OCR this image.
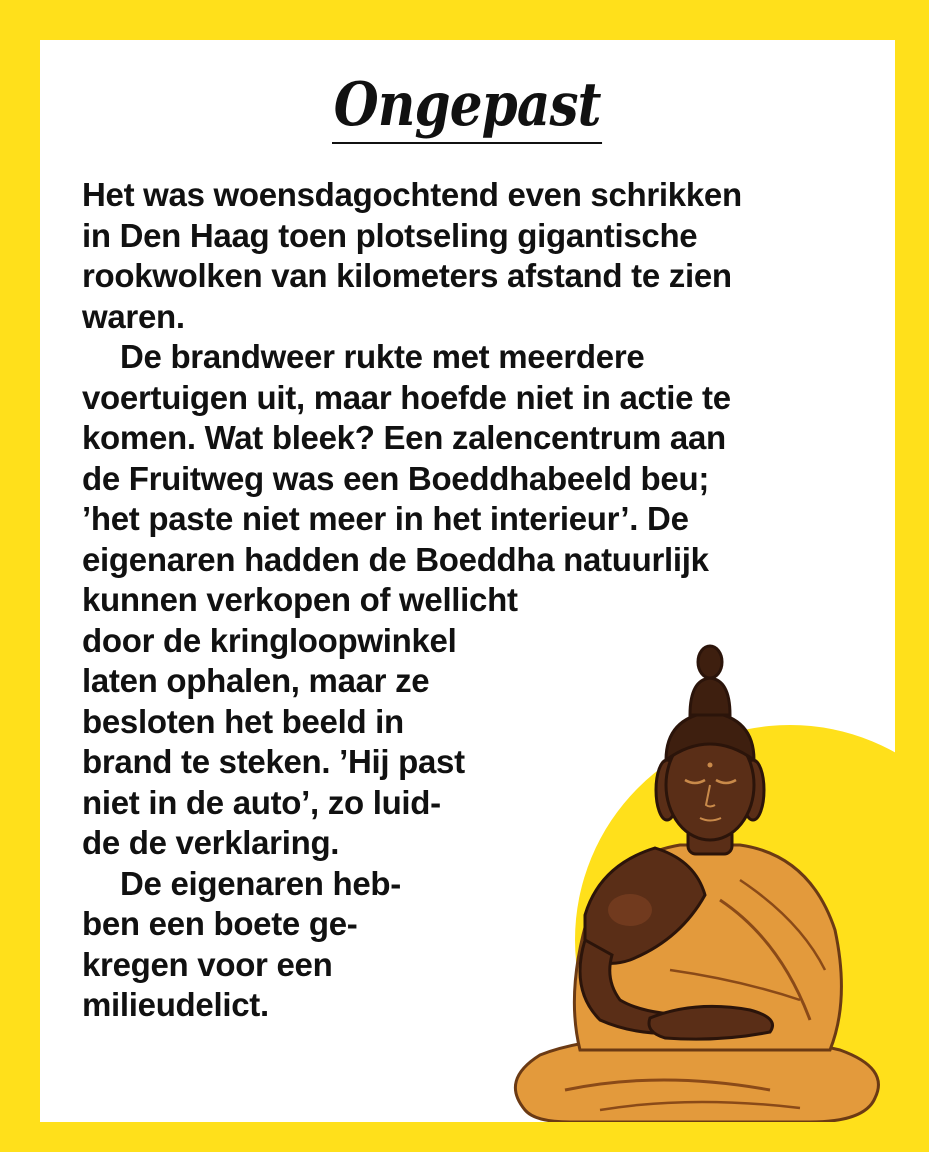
Ongepast
Het was woensdagochtend even schrikken
in Den Haag toen plotseling gigantische
rookwolken van kilometers afstand te zien
waren.
De brandweer rukte met meerdere
voertuigen uit, maar hoefde niet in actie te
komen. Wat bleek? Een zalencentrum aan
de Fruitweg was een Boeddhabeeld beu;
’het paste niet meer in het interieur’. De
eigenaren hadden de Boeddha natuurlijk
kunnen verkopen of wellicht
door de kringloopwinkel
laten ophalen, maar ze
besloten het beeld in
brand te steken. ’Hij past
niet in de auto’, zo luid-
de de verklaring.
De eigenaren heb-
ben een boete ge-
kregen voor een
milieudelict.
